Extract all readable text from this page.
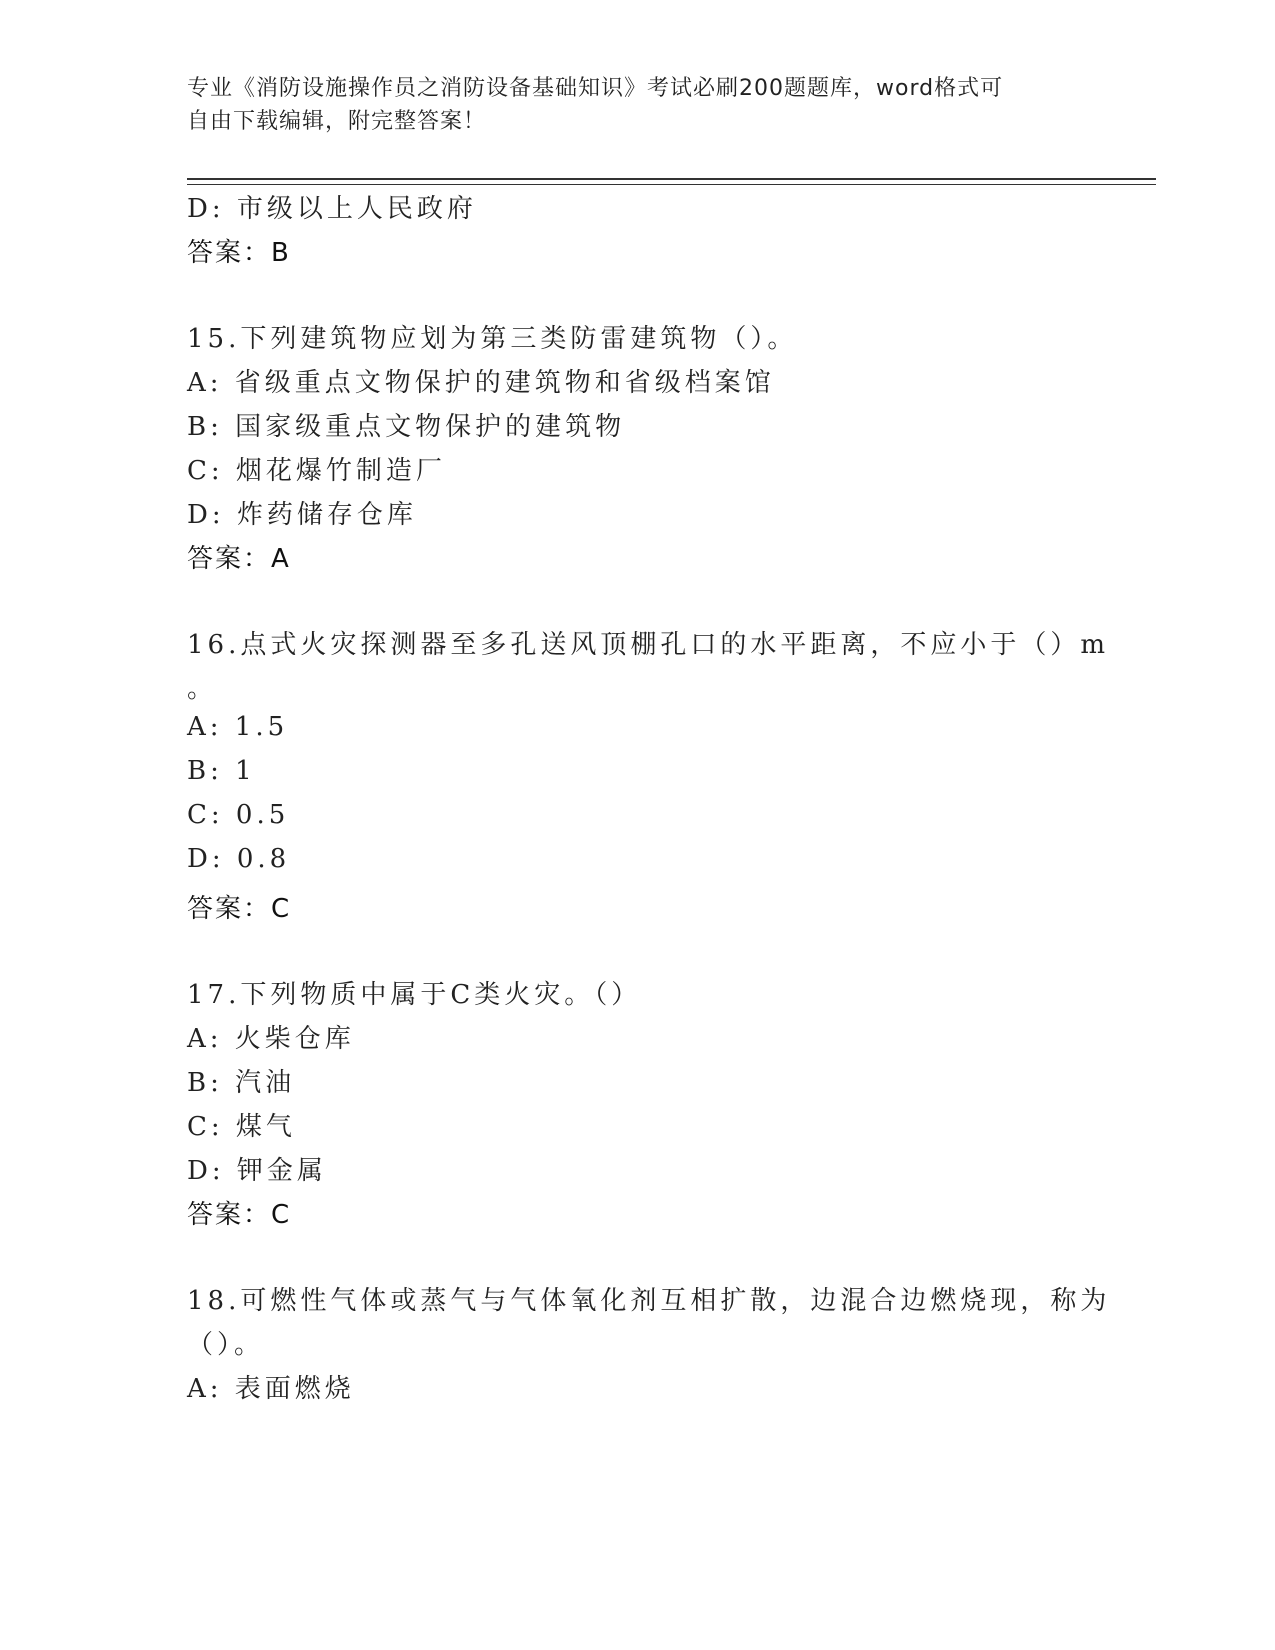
专业《消防设施操作员之消防设备基础知识》考试必刷200题题库，word格式可
自由下载编辑，附完整答案！
D: 市级以上人民政府
答案：B
15.下列建筑物应划为第三类防雷建筑物（）。
A: 省级重点文物保护的建筑物和省级档案馆
B: 国家级重点文物保护的建筑物
C: 烟花爆竹制造厂
D: 炸药储存仓库
答案：A
16.点式火灾探测器至多孔送风顶棚孔口的水平距离，不应小于（）m
。
A: 1.5
B: 1
C: 0.5
D: 0.8
答案：C
17.下列物质中属于C类火灾。（）
A: 火柴仓库
B: 汽油
C: 煤气
D: 钾金属
答案：C
18.可燃性气体或蒸气与气体氧化剂互相扩散，边混合边燃烧现，称为
（）。
A: 表面燃烧
